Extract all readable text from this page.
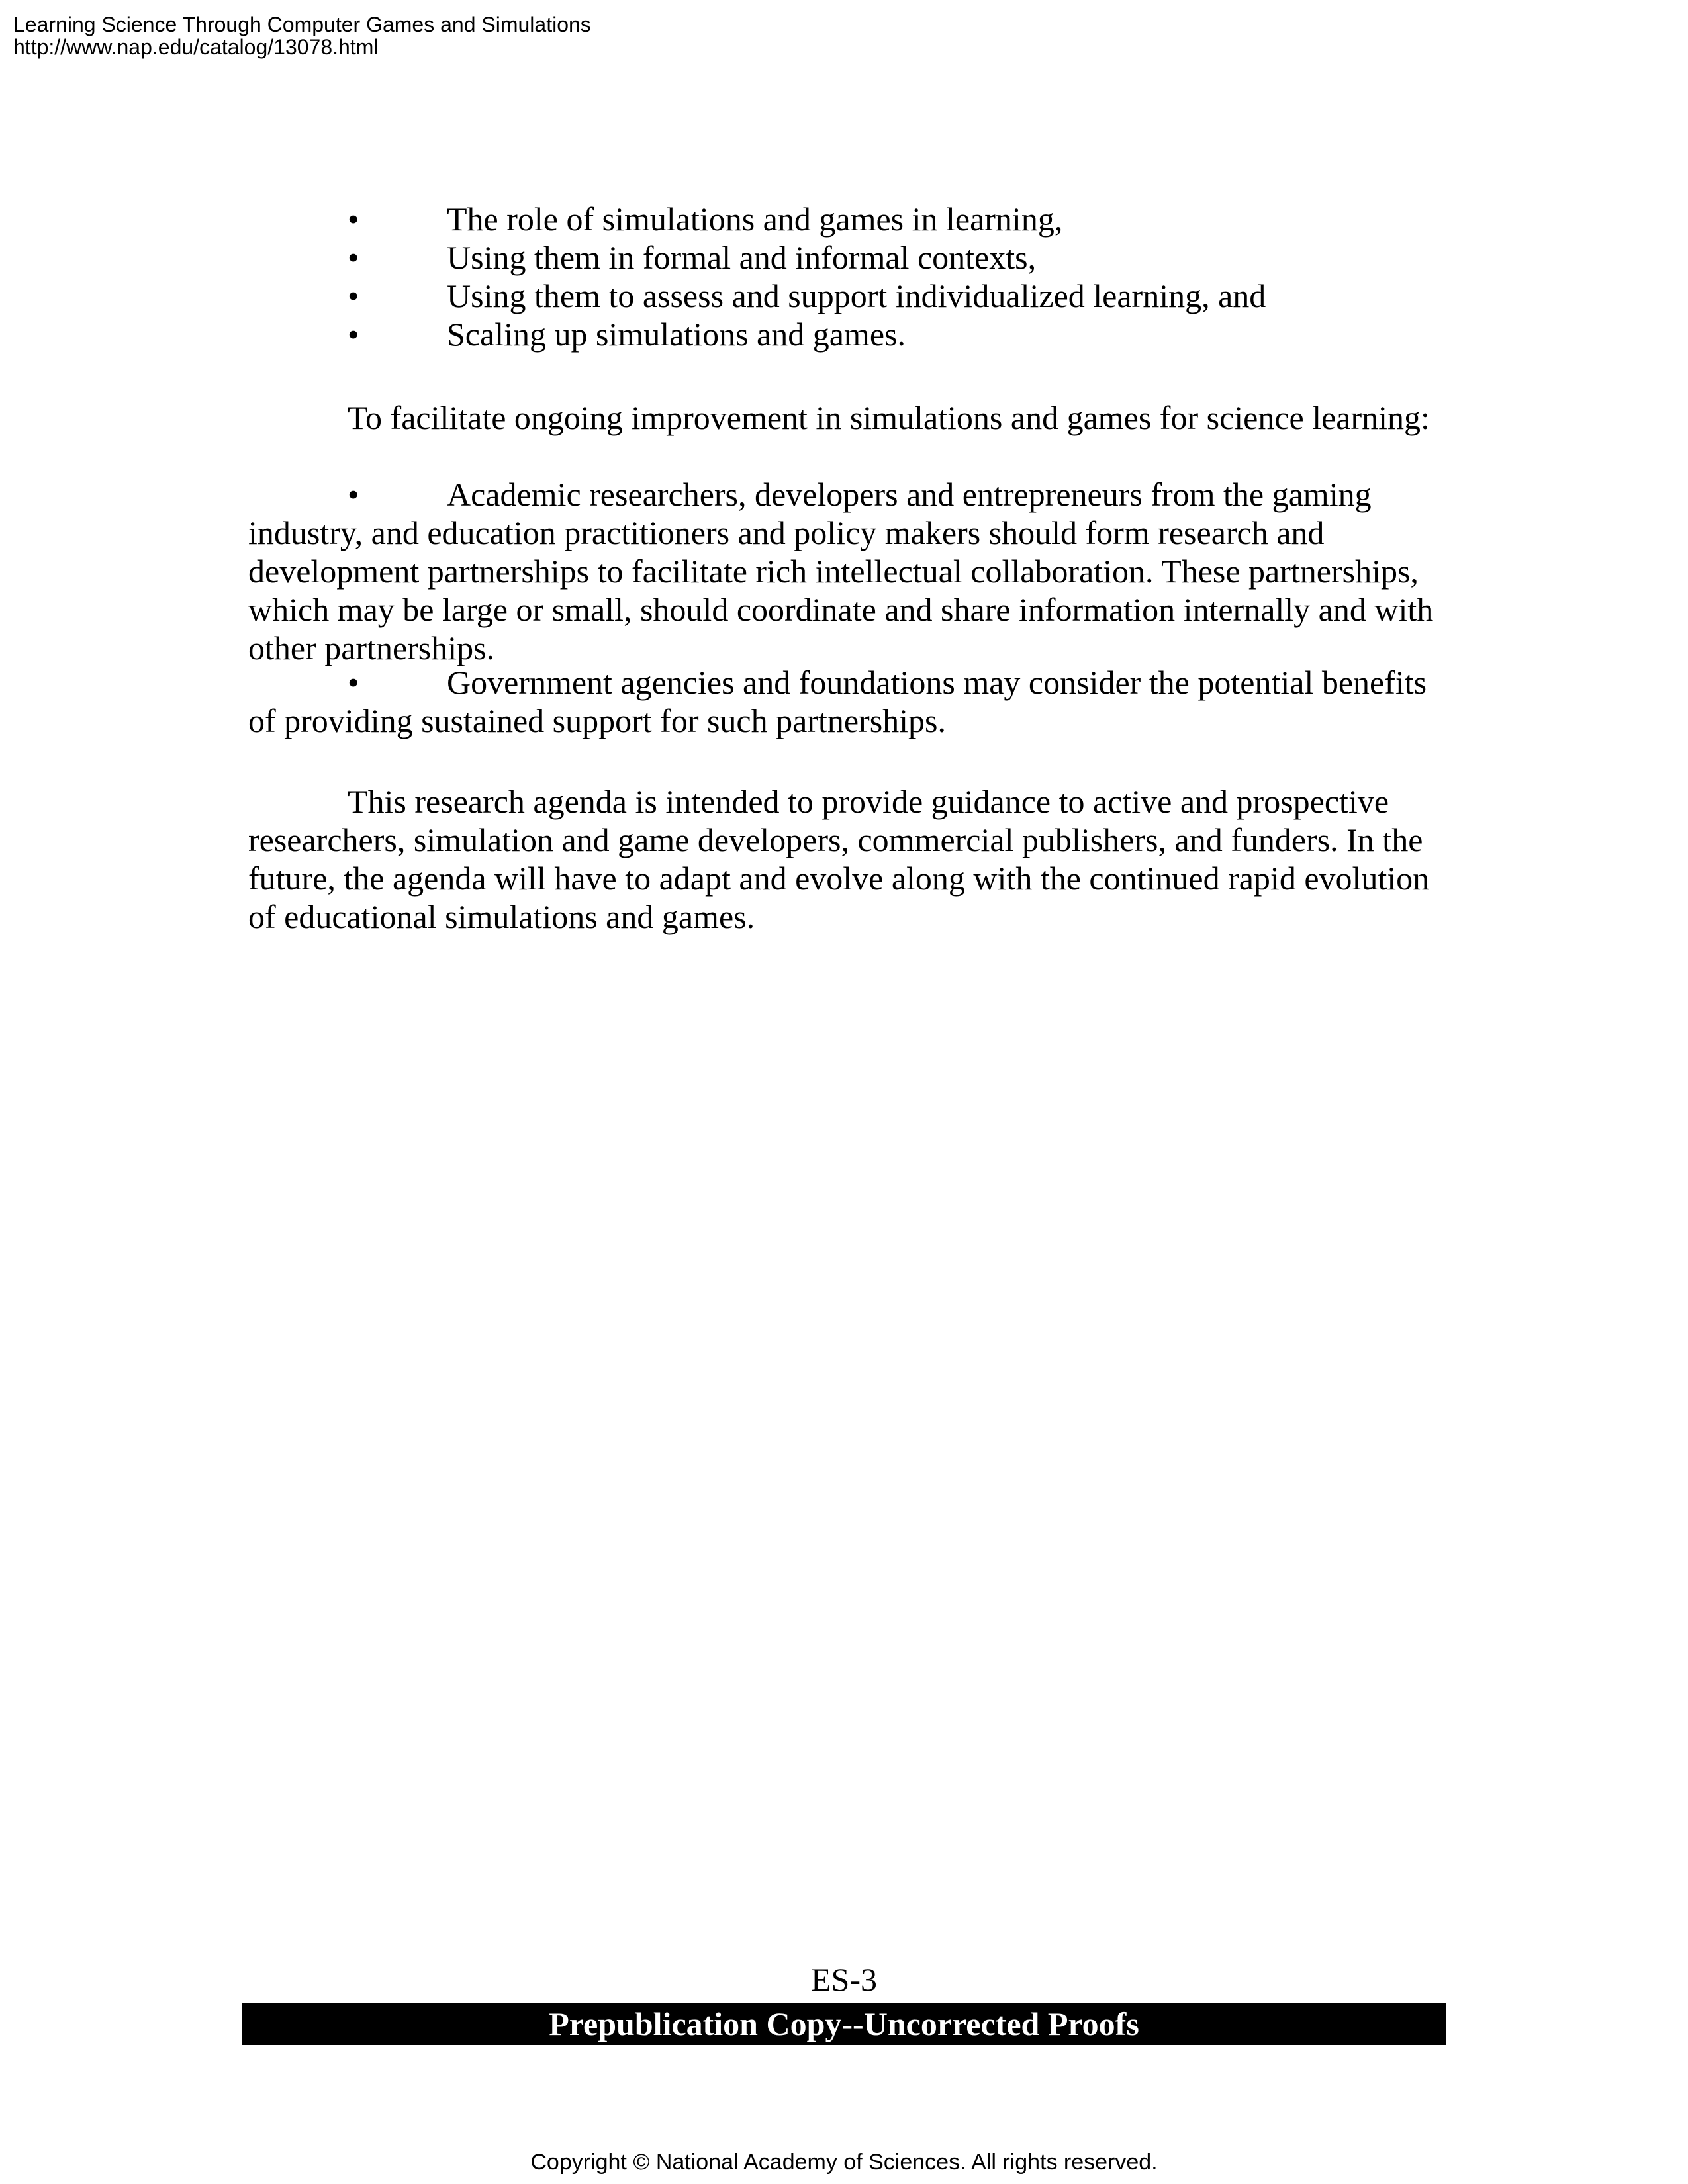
Learning Science Through Computer Games and Simulations
http://www.nap.edu/catalog/13078.html
•	The role of simulations and games in learning,
•	Using them in formal and informal contexts,
•	Using them to assess and support individualized learning, and
•	Scaling up simulations and games.
To facilitate ongoing improvement in simulations and games for science learning:
•	Academic researchers, developers and entrepreneurs from the gaming
industry, and education practitioners and policy makers should form research and
development partnerships to facilitate rich intellectual collaboration. These partnerships,
which may be large or small, should coordinate and share information internally and with
other partnerships.
•	Government agencies and foundations may consider the potential benefits
of providing sustained support for such partnerships.
This research agenda is intended to provide guidance to active and prospective
researchers, simulation and game developers, commercial publishers, and funders. In the
future, the agenda will have to adapt and evolve along with the continued rapid evolution
of educational simulations and games.
ES-3
Prepublication Copy--Uncorrected Proofs
Copyright © National Academy of Sciences. All rights reserved.
